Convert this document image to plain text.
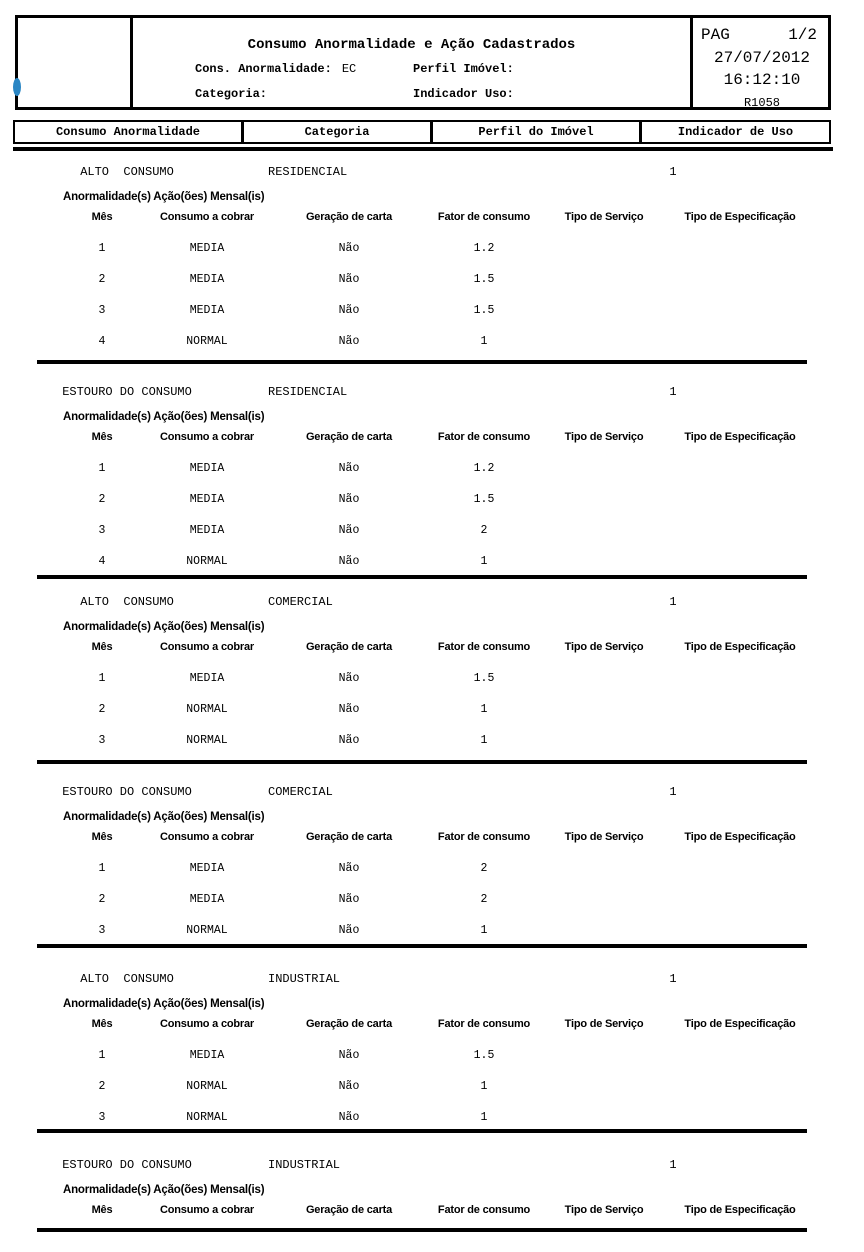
Consumo Anormalidade e Ação Cadastrados
Cons. Anormalidade: EC	Perfil Imóvel:
Categoria:	Indicador Uso:
PAG	1/2
27/07/2012
16:12:10
R1058
Consumo Anormalidade	Categoria	Perfil do Imóvel	Indicador de Uso
ALTO  CONSUMO	RESIDENCIAL	1
Anormalidade(s) Ação(ões) Mensal(is)
Mês	Consumo a cobrar	Geração de carta	Fator de consumo	Tipo de Serviço	Tipo de Especificação
1	MEDIA	Não	1.2
2	MEDIA	Não	1.5
3	MEDIA	Não	1.5
4	NORMAL	Não	1
ESTOURO DO CONSUMO	RESIDENCIAL	1
Anormalidade(s) Ação(ões) Mensal(is)
Mês	Consumo a cobrar	Geração de carta	Fator de consumo	Tipo de Serviço	Tipo de Especificação
1	MEDIA	Não	1.2
2	MEDIA	Não	1.5
3	MEDIA	Não	2
4	NORMAL	Não	1
ALTO  CONSUMO	COMERCIAL	1
Anormalidade(s) Ação(ões) Mensal(is)
Mês	Consumo a cobrar	Geração de carta	Fator de consumo	Tipo de Serviço	Tipo de Especificação
1	MEDIA	Não	1.5
2	NORMAL	Não	1
3	NORMAL	Não	1
ESTOURO DO CONSUMO	COMERCIAL	1
Anormalidade(s) Ação(ões) Mensal(is)
Mês	Consumo a cobrar	Geração de carta	Fator de consumo	Tipo de Serviço	Tipo de Especificação
1	MEDIA	Não	2
2	MEDIA	Não	2
3	NORMAL	Não	1
ALTO  CONSUMO	INDUSTRIAL	1
Anormalidade(s) Ação(ões) Mensal(is)
Mês	Consumo a cobrar	Geração de carta	Fator de consumo	Tipo de Serviço	Tipo de Especificação
1	MEDIA	Não	1.5
2	NORMAL	Não	1
3	NORMAL	Não	1
ESTOURO DO CONSUMO	INDUSTRIAL	1
Anormalidade(s) Ação(ões) Mensal(is)
Mês	Consumo a cobrar	Geração de carta	Fator de consumo	Tipo de Serviço	Tipo de Especificação
